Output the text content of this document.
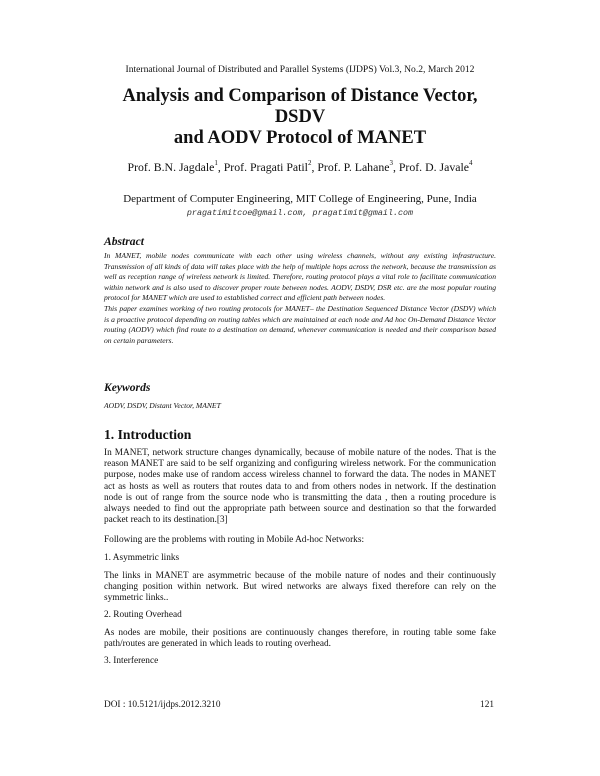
International Journal of Distributed and Parallel Systems (IJDPS) Vol.3, No.2, March 2012
Analysis and Comparison of Distance Vector,
DSDV
and AODV Protocol of MANET
Prof. B.N. Jagdale$^1$, Prof. Pragati Patil$^2$, Prof. P. Lahane$^3$, Prof. D. Javale$^4$
Department of Computer Engineering, MIT College of Engineering, Pune, India
pragatimitcoe@gmail.com, pragatimit@gmail.com
Abstract

In MANET, mobile nodes communicate with each other using wireless channels, without any existing infrastructure. Transmission of all kinds of data will takes place with the help of multiple hops across the network, because the transmission as well as reception range of wireless network is limited. Therefore, routing protocol plays a vital role to facilitate communication within network and is also used to discover proper route between nodes. AODV, DSDV, DSR etc. are the most popular routing protocol for MANET which are used to established correct and efficient path between nodes.

This paper examines working of two routing protocols for MANET– the Destination Sequenced Distance Vector (DSDV) which is a proactive protocol depending on routing tables which are maintained at each node and Ad hoc On-Demand Distance Vector routing (AODV) which find route to a destination on demand, whenever communication is needed and their comparison based on certain parameters.

Keywords
AODV, DSDV, Distant Vector, MANET
1. Introduction
In MANET, network structure changes dynamically, because of mobile nature of the nodes. That is the reason MANET are said to be self organizing and configuring wireless network. For the communication purpose, nodes make use of random access wireless channel to forward the data. The nodes in MANET act as hosts as well as routers that routes data to and from others nodes in network. If the destination node is out of range from the source node who is transmitting the data , then a routing procedure is always needed to find out the appropriate path between source and destination so that the forwarded packet reach to its destination.[3]
Following are the problems with routing in Mobile Ad-hoc Networks:
1. Asymmetric links
The links in MANET are asymmetric because of the mobile nature of nodes and their continuously changing position within network. But wired networks are always fixed therefore can rely on the symmetric links..
2. Routing Overhead
As nodes are mobile, their positions are continuously changes therefore, in routing table some fake path/routes are generated in which leads to routing overhead.
3. Interference
DOI : 10.5121/ijdps.2012.3210	121
